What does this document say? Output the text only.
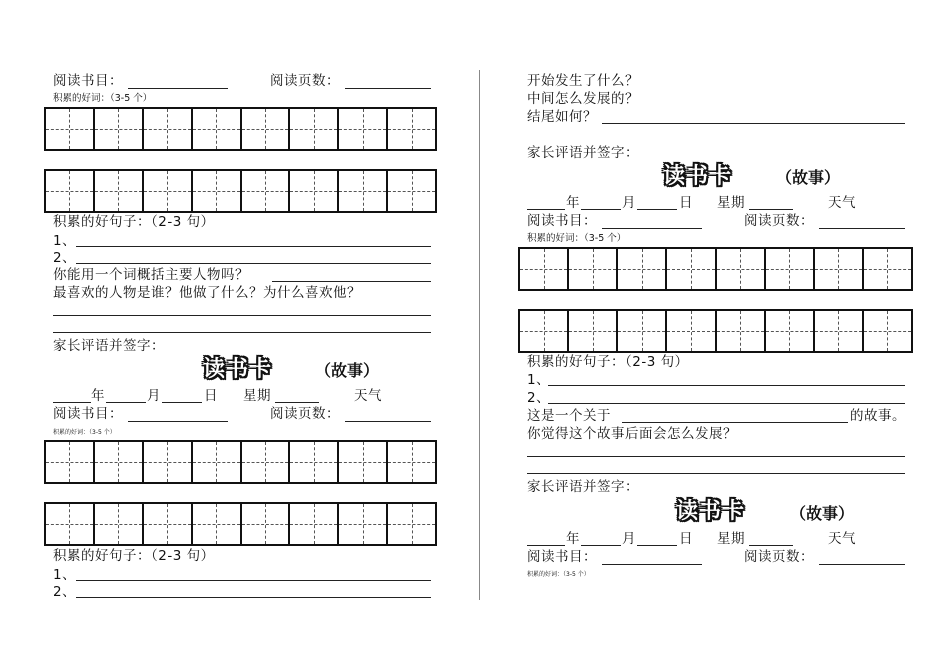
阅读书目：	阅读页数：
积累的好词：（3-5 个）
积累的好句子：（2-3 句）
1、
2、
你能用一个词概括主要人物吗？
最喜欢的人物是谁？他做了什么？为什么喜欢他？
家长评语并签字：
读书卡	（故事）
年	月	日 星期	天气
阅读书目：	阅读页数：
积累的好词：（3-5 个）
积累的好句子：（2-3 句）
1、
2、
开始发生了什么？
中间怎么发展的？
结尾如何？
家长评语并签字：
读书卡	（故事）
年	月	日 星期	天气
阅读书目：	阅读页数：
积累的好词：（3-5 个）
积累的好句子：（2-3 句）
1、
2、
这是一个关于	的故事。
你觉得这个故事后面会怎么发展？
家长评语并签字：
读书卡	（故事）
年	月	日 星期	天气
阅读书目：	阅读页数：
积累的好词：（3-5 个）
